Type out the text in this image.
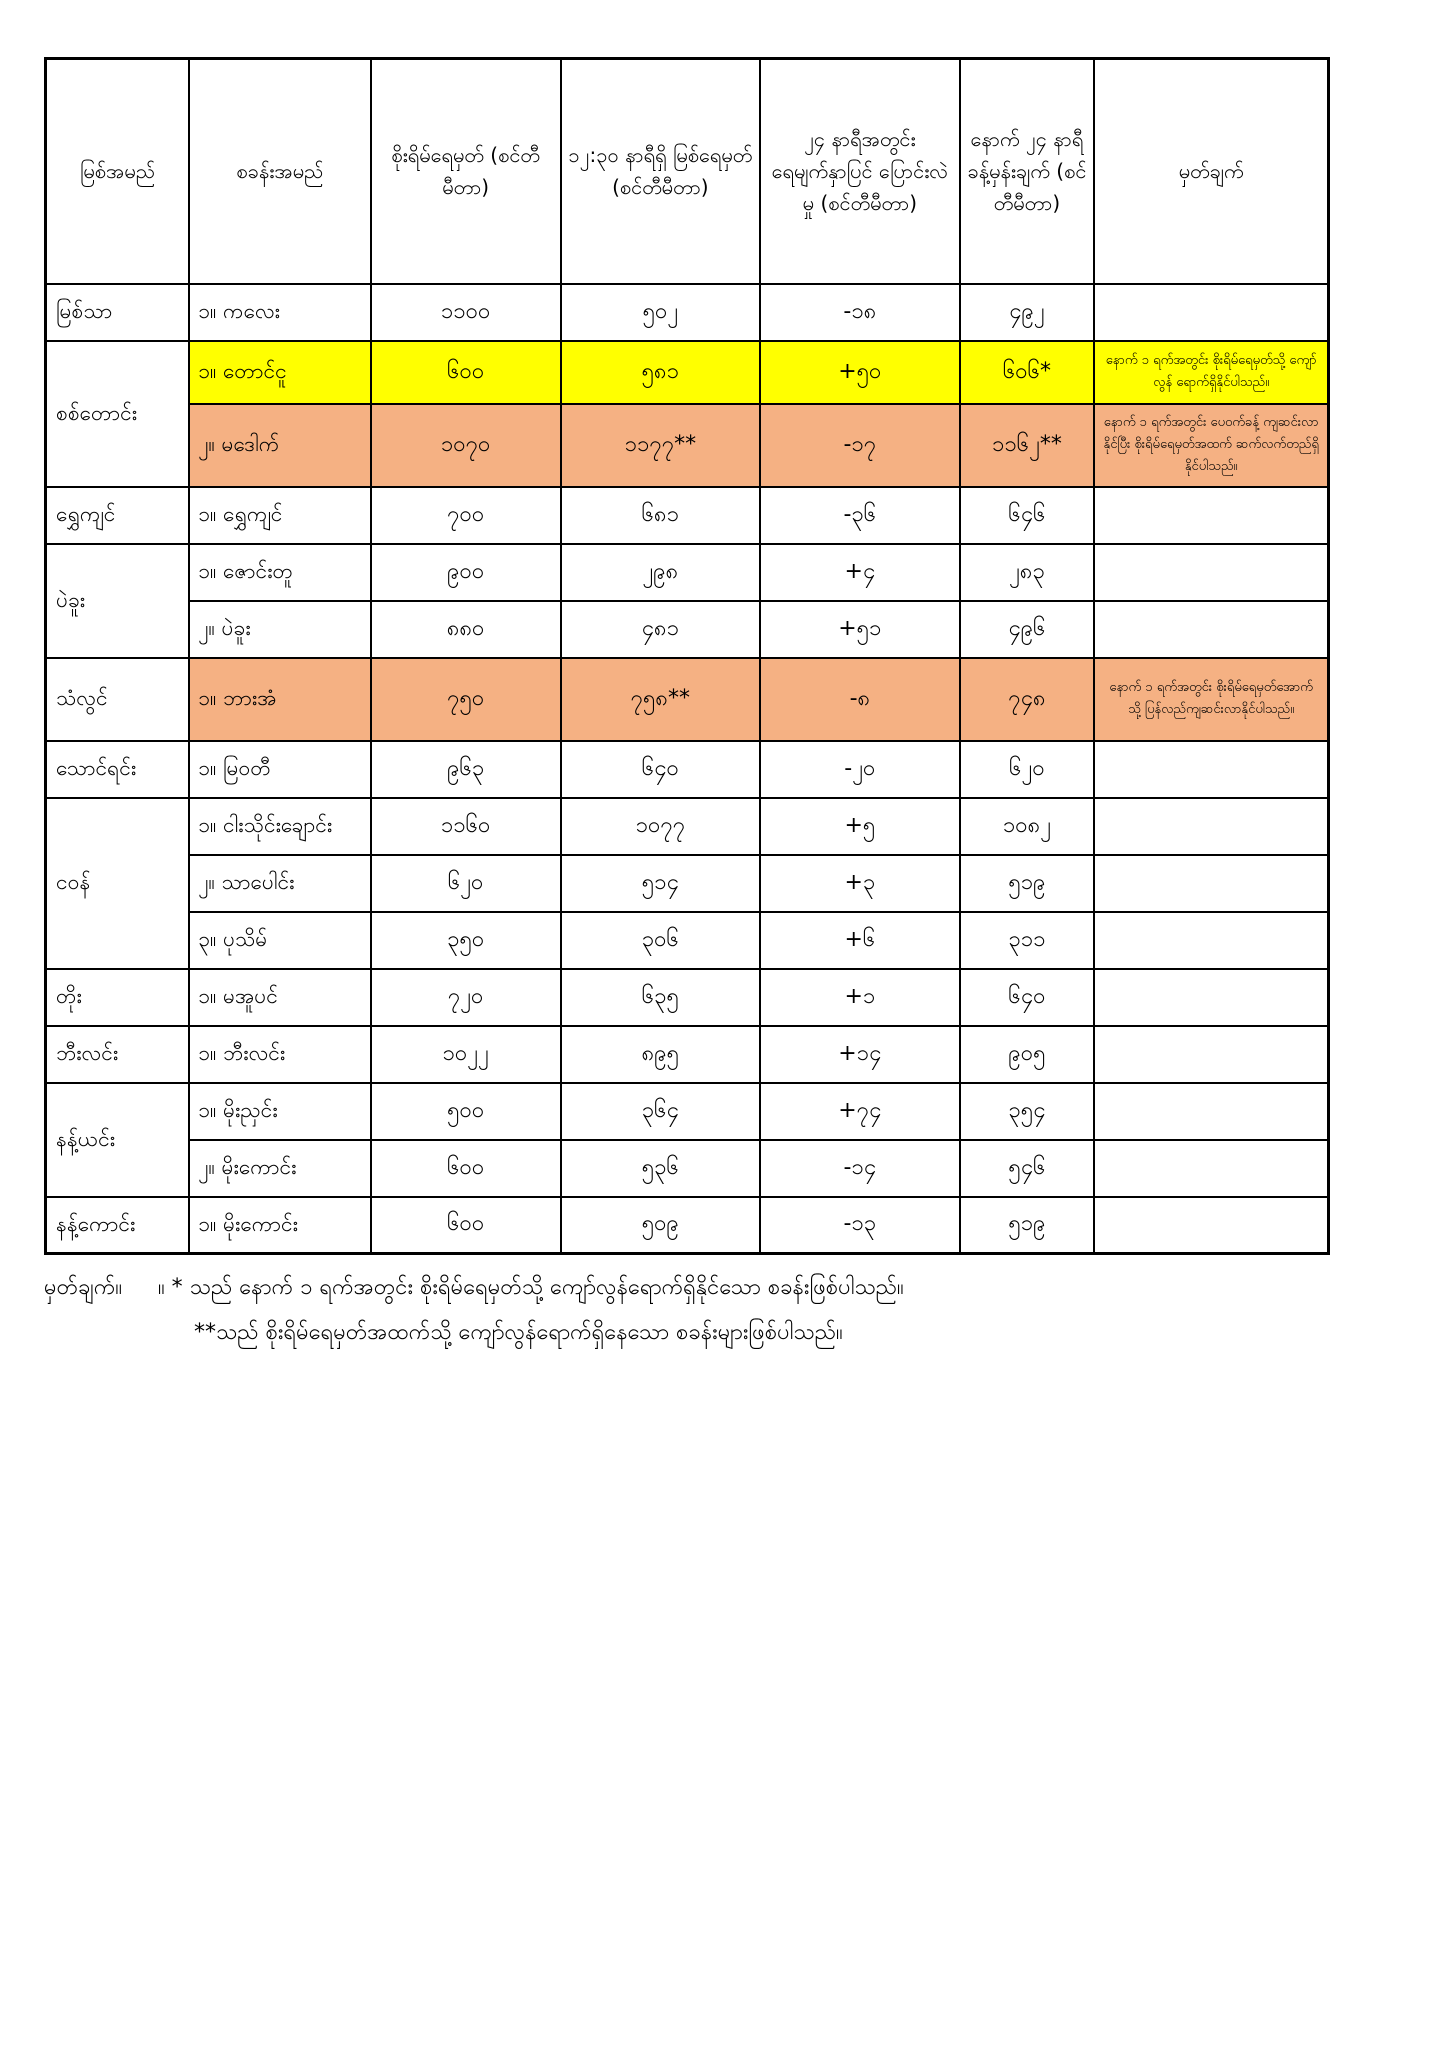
မြစ်အမည်	စခန်းအမည်	စိုးရိမ်ရေမှတ် (စင်တီမီတာ)	၁၂:၃၀ နာရီရှိ မြစ်ရေမှတ် (စင်တီမီတာ)	၂၄ နာရီအတွင်း ရေမျက်နှာပြင် ပြောင်းလဲမှု (စင်တီမီတာ)	နောက် ၂၄ နာရီ ခန့်မှန်းချက် (စင်တီမီတာ)	မှတ်ချက်
မြစ်သာ	၁။ ကလေး	၁၁၀၀	၅၀၂	-၁၈	၄၉၂	
စစ်တောင်း	၁။ တောင်ငူ	၆၀၀	၅၈၁	+၅၀	၆၀၆*	နောက် ၁ ရက်အတွင်း စိုးရိမ်ရေမှတ်သို့ ကျော်လွန် ရောက်ရှိနိုင်ပါသည်။
	၂။ မဒေါက်	၁၀၇၀	၁၁၇၇**	-၁၇	၁၁၆၂**	နောက် ၁ ရက်အတွင်း ပေဝက်ခန့် ကျဆင်းလာနိုင်ပြီး စိုးရိမ်ရေမှတ်အထက် ဆက်လက်တည်ရှိနိုင်ပါသည်။
ရွှေကျင်	၁။ ရွှေကျင်	၇၀၀	၆၈၁	-၃၆	၆၄၆	
ပဲခူး	၁။ ဇောင်းတူ	၉၀၀	၂၉၈	+၄	၂၈၃	
	၂။ ပဲခူး	၈၈၀	၄၈၁	+၅၁	၄၉၆	
သံလွင်	၁။ ဘားအံ	၇၅၀	၇၅၈**	-၈	၇၄၈	နောက် ၁ ရက်အတွင်း စိုးရိမ်ရေမှတ်အောက်သို့ ပြန်လည်ကျဆင်းလာနိုင်ပါသည်။
သောင်ရင်း	၁။ မြဝတီ	၉၆၃	၆၄၀	-၂၀	၆၂၀	
ငဝန်	၁။ ငါးသိုင်းချောင်း	၁၁၆၀	၁၀၇၇	+၅	၁၀၈၂	
	၂။ သာပေါင်း	၆၂၀	၅၁၄	+၃	၅၁၉	
	၃။ ပုသိမ်	၃၅၀	၃၀၆	+၆	၃၁၁	
တိုး	၁။ မအူပင်	၇၂၀	၆၃၅	+၁	၆၄၀	
ဘီးလင်း	၁။ ဘီးလင်း	၁၀၂၂	၈၉၅	+၁၄	၉၀၅	
နန့်ယင်း	၁။ မိုးညှင်း	၅၀၀	၃၆၄	+၇၄	၃၅၄	
	၂။ မိုးကောင်း	၆၀၀	၅၃၆	-၁၄	၅၄၆	
နန့်ကောင်း	၁။ မိုးကောင်း	၆၀၀	၅၀၉	-၁၃	၅၁၉	
မှတ်ချက်။ ။ * သည် နောက် ၁ ရက်အတွင်း စိုးရိမ်ရေမှတ်သို့ ကျော်လွန်ရောက်ရှိနိုင်သော စခန်းဖြစ်ပါသည်။
**သည် စိုးရိမ်ရေမှတ်အထက်သို့ ကျော်လွန်ရောက်ရှိနေသော စခန်းများဖြစ်ပါသည်။
